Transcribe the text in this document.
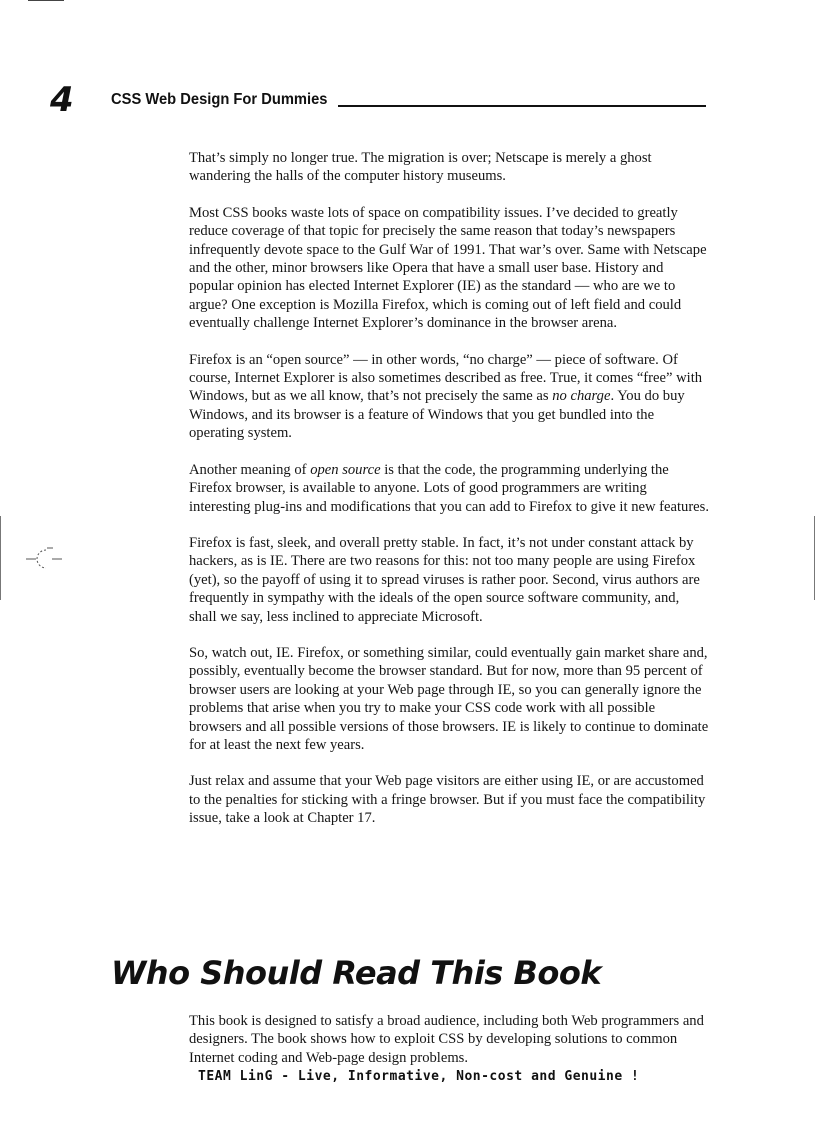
4 CSS Web Design For Dummies

That’s simply no longer true. The migration is over; Netscape is merely a ghost wandering the halls of the computer history museums.

Most CSS books waste lots of space on compatibility issues. I’ve decided to greatly reduce coverage of that topic for precisely the same reason that today’s newspapers infrequently devote space to the Gulf War of 1991. That war’s over. Same with Netscape and the other, minor browsers like Opera that have a small user base. History and popular opinion has elected Internet Explorer (IE) as the standard — who are we to argue? One exception is Mozilla Firefox, which is coming out of left field and could eventually challenge Internet Explorer’s dominance in the browser arena.

Firefox is an “open source” — in other words, “no charge” — piece of software. Of course, Internet Explorer is also sometimes described as free. True, it comes “free” with Windows, but as we all know, that’s not precisely the same as no charge. You do buy Windows, and its browser is a feature of Windows that you get bundled into the operating system.

Another meaning of open source is that the code, the programming underlying the Firefox browser, is available to anyone. Lots of good programmers are writing interesting plug-ins and modifications that you can add to Firefox to give it new features.

Firefox is fast, sleek, and overall pretty stable. In fact, it’s not under constant attack by hackers, as is IE. There are two reasons for this: not too many people are using Firefox (yet), so the payoff of using it to spread viruses is rather poor. Second, virus authors are frequently in sympathy with the ideals of the open source software community, and, shall we say, less inclined to appreciate Microsoft.

So, watch out, IE. Firefox, or something similar, could eventually gain market share and, possibly, eventually become the browser standard. But for now, more than 95 percent of browser users are looking at your Web page through IE, so you can generally ignore the problems that arise when you try to make your CSS code work with all possible browsers and all possible versions of those browsers. IE is likely to continue to dominate for at least the next few years.

Just relax and assume that your Web page visitors are either using IE, or are accustomed to the penalties for sticking with a fringe browser. But if you must face the compatibility issue, take a look at Chapter 17.

Who Should Read This Book

This book is designed to satisfy a broad audience, including both Web programmers and designers. The book shows how to exploit CSS by developing solutions to common Internet coding and Web-page design problems.

TEAM LinG - Live, Informative, Non-cost and Genuine !
